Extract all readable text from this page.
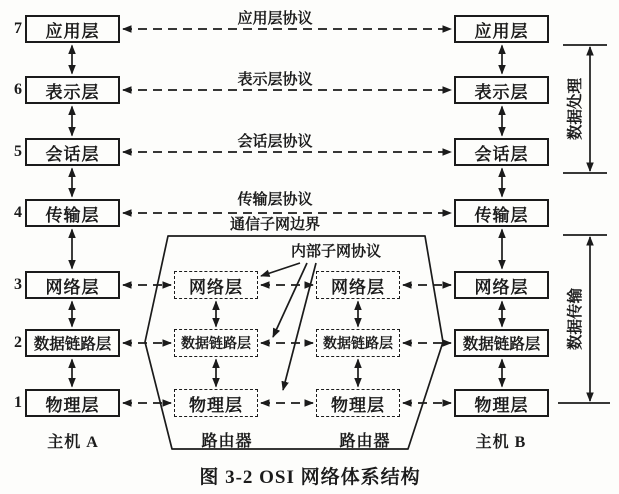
7
6
5
4
3
2
1
应用层
表示层
会话层
传输层
网络层
数据链路层
物理层
应用层
表示层
会话层
传输层
网络层
数据链路层
物理层
网络层
数据链路层
物理层
网络层
数据链路层
物理层
应用层协议
表示层协议
会话层协议
传输层协议
通信子网边界
内部子网协议
数据处理
数据传输
主机 A	主机 B
路由器	路由器
图 3-2 OSI 网络体系结构
